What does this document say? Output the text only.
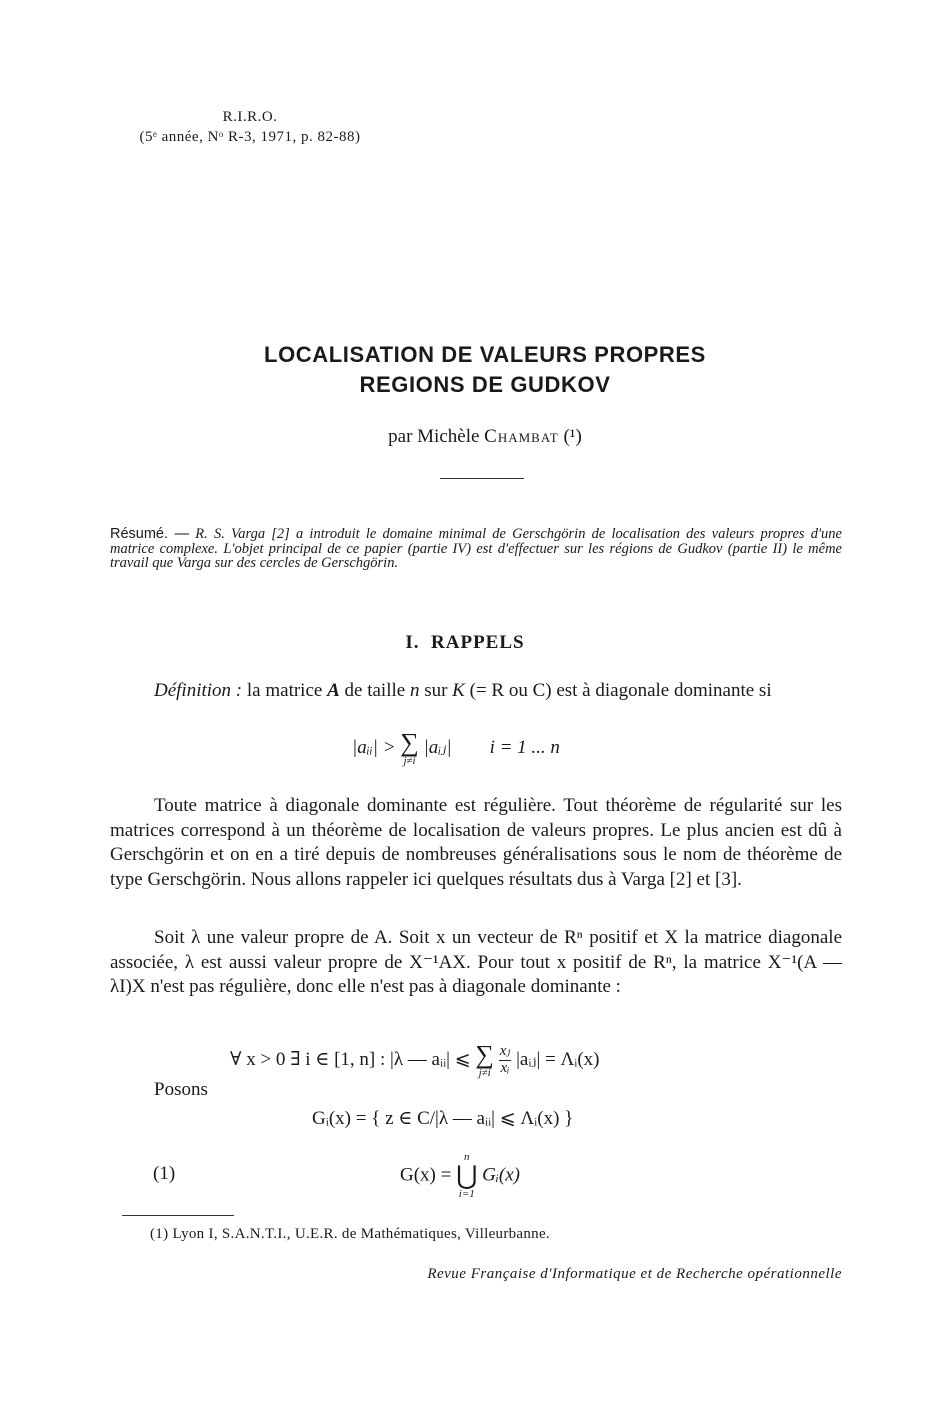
R.I.R.O.
(5ᵉ année, Nᵒ R-3, 1971, p. 82-88)
LOCALISATION DE VALEURS PROPRES
REGIONS DE GUDKOV
par Michèle Chambat (¹)
Résumé. — R. S. Varga [2] a introduit le domaine minimal de Gerschgörin de localisation des valeurs propres d'une matrice complexe. L'objet principal de ce papier (partie IV) est d'effectuer sur les régions de Gudkov (partie II) le même travail que Varga sur des cercles de Gerschgörin.
I. RAPPELS
Définition : la matrice A de taille n sur K (= R ou C) est à diagonale dominante si
|aᵢᵢ| > ∑
j≠i
|aᵢⱼ| i = 1 ... n
Toute matrice à diagonale dominante est régulière. Tout théorème de régularité sur les matrices correspond à un théorème de localisation de valeurs propres. Le plus ancien est dû à Gerschgörin et on en a tiré depuis de nombreuses généralisations sous le nom de théorème de type Gerschgörin. Nous allons rappeler ici quelques résultats dus à Varga [2] et [3].
Soit λ une valeur propre de A. Soit x un vecteur de Rⁿ positif et X la matrice diagonale associée, λ est aussi valeur propre de X⁻¹AX. Pour tout x positif de Rⁿ, la matrice X⁻¹(A — λI)X n'est pas régulière, donc elle n'est pas à diagonale dominante :
∀ x > 0 ∃ i ∈ [1, n] : |λ — aᵢᵢ| ⩽ ∑
j≠i
$\frac{\text{xⱼ}}{\text{xᵢ}}$ |aᵢⱼ| = Λᵢ(x)
Posons
Gᵢ(x) = { z ∈ C/|λ — aᵢᵢ| ⩽ Λᵢ(x) }
(1)	G(x) =
n
⋃
i=1
Gᵢ(x)
(1) Lyon I, S.A.N.T.I., U.E.R. de Mathématiques, Villeurbanne.
Revue Française d'Informatique et de Recherche opérationnelle
